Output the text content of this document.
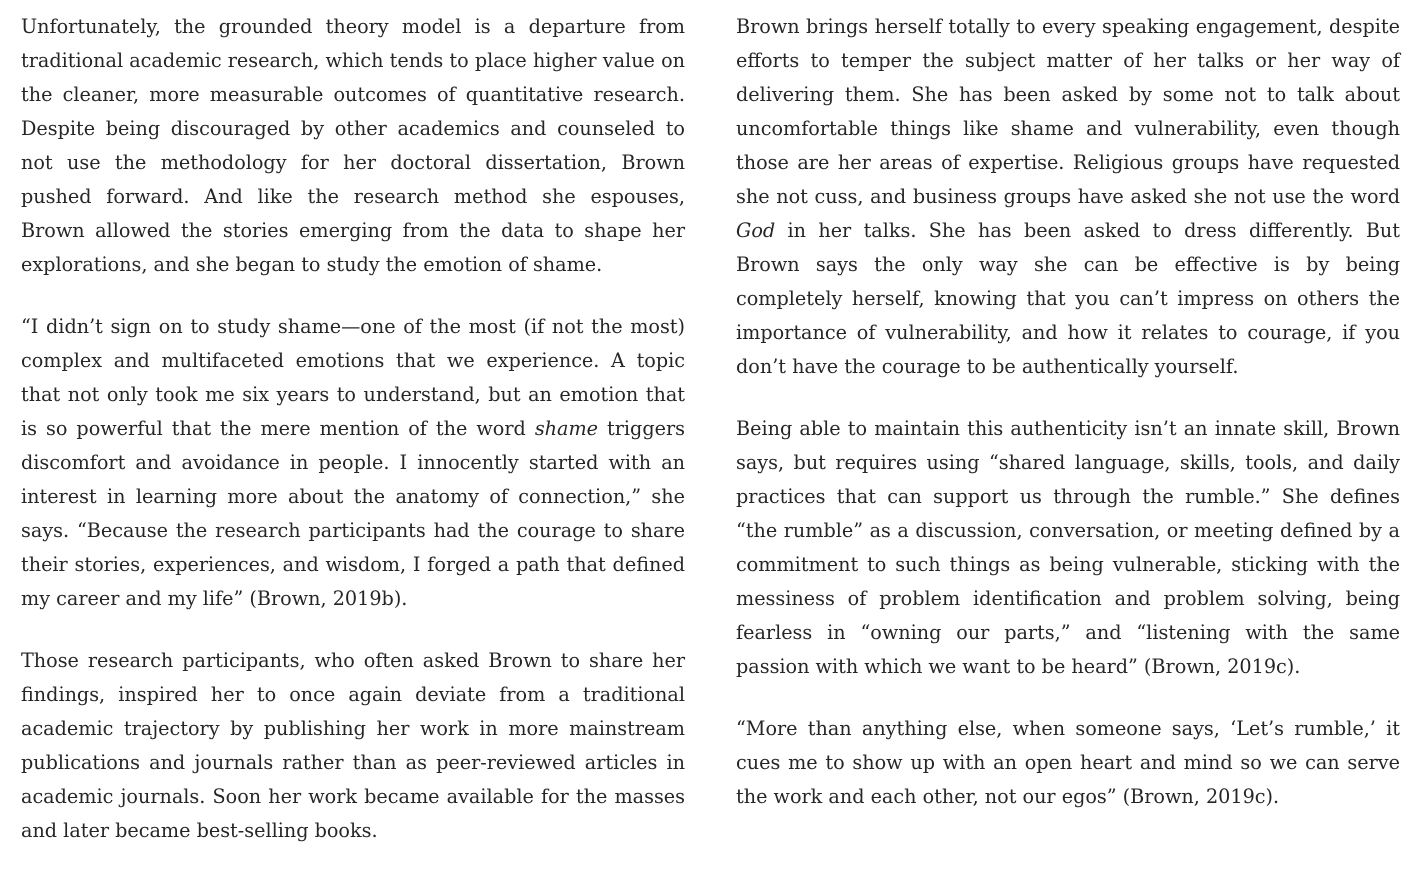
Unfortunately, the grounded theory model is a departure from traditional academic research, which tends to place higher value on the cleaner, more measurable outcomes of quantitative research. Despite being discouraged by other academics and counseled to not use the methodology for her doctoral dissertation, Brown pushed forward. And like the research method she espouses, Brown allowed the stories emerging from the data to shape her explorations, and she began to study the emotion of shame.

“I didn’t sign on to study shame—one of the most (if not the most) complex and multifaceted emotions that we experience. A topic that not only took me six years to understand, but an emotion that is so powerful that the mere mention of the word shame triggers discomfort and avoidance in people. I innocently started with an interest in learning more about the anatomy of connection,” she says. “Because the research participants had the courage to share their stories, experiences, and wisdom, I forged a path that defined my career and my life” (Brown, 2019b).

Those research participants, who often asked Brown to share her findings, inspired her to once again deviate from a traditional academic trajectory by publishing her work in more mainstream publications and journals rather than as peer-reviewed articles in academic journals. Soon her work became available for the masses and later became best-selling books.

Brown brings herself totally to every speaking engagement, despite efforts to temper the subject matter of her talks or her way of delivering them. She has been asked by some not to talk about uncomfortable things like shame and vulnerability, even though those are her areas of expertise. Religious groups have requested she not cuss, and business groups have asked she not use the word God in her talks. She has been asked to dress differently. But Brown says the only way she can be effective is by being completely herself, knowing that you can’t impress on others the importance of vulnerability, and how it relates to courage, if you don’t have the courage to be authentically yourself.

Being able to maintain this authenticity isn’t an innate skill, Brown says, but requires using “shared language, skills, tools, and daily practices that can support us through the rumble.” She defines “the rumble” as a discussion, conversation, or meeting defined by a commitment to such things as being vulnerable, sticking with the messiness of problem identification and problem solving, being fearless in “owning our parts,” and “listening with the same passion with which we want to be heard” (Brown, 2019c).

“More than anything else, when someone says, ‘Let’s rumble,’ it cues me to show up with an open heart and mind so we can serve the work and each other, not our egos” (Brown, 2019c).
